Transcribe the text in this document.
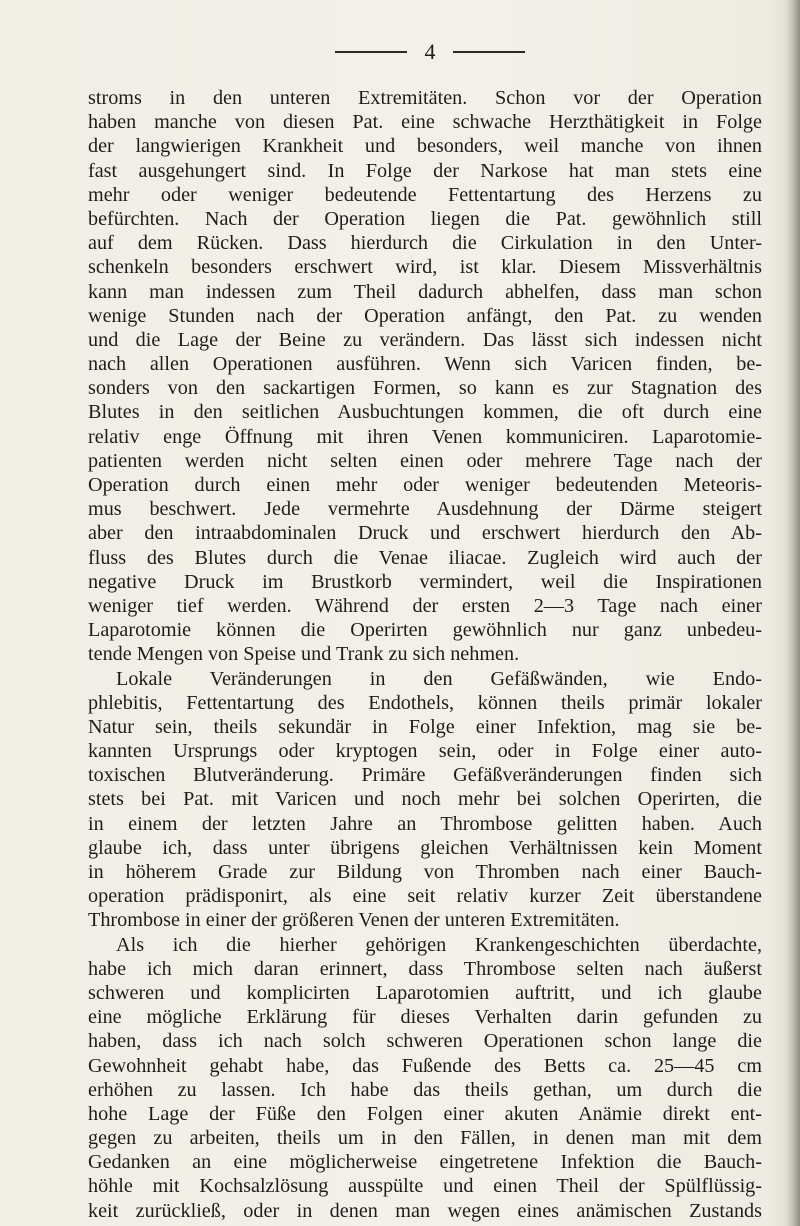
4
stroms in den unteren Extremitäten. Schon vor der Operation
haben manche von diesen Pat. eine schwache Herzthätigkeit in Folge
der langwierigen Krankheit und besonders, weil manche von ihnen
fast ausgehungert sind. In Folge der Narkose hat man stets eine
mehr oder weniger bedeutende Fettentartung des Herzens zu
befürchten. Nach der Operation liegen die Pat. gewöhnlich still
auf dem Rücken. Dass hierdurch die Cirkulation in den Unter-
schenkeln besonders erschwert wird, ist klar. Diesem Missverhältnis
kann man indessen zum Theil dadurch abhelfen, dass man schon
wenige Stunden nach der Operation anfängt, den Pat. zu wenden
und die Lage der Beine zu verändern. Das lässt sich indessen nicht
nach allen Operationen ausführen. Wenn sich Varicen finden, be-
sonders von den sackartigen Formen, so kann es zur Stagnation des
Blutes in den seitlichen Ausbuchtungen kommen, die oft durch eine
relativ enge Öffnung mit ihren Venen kommuniciren. Laparotomie-
patienten werden nicht selten einen oder mehrere Tage nach der
Operation durch einen mehr oder weniger bedeutenden Meteoris-
mus beschwert. Jede vermehrte Ausdehnung der Därme steigert
aber den intraabdominalen Druck und erschwert hierdurch den Ab-
fluss des Blutes durch die Venae iliacae. Zugleich wird auch der
negative Druck im Brustkorb vermindert, weil die Inspirationen
weniger tief werden. Während der ersten 2—3 Tage nach einer
Laparotomie können die Operirten gewöhnlich nur ganz unbedeu-
tende Mengen von Speise und Trank zu sich nehmen.
Lokale Veränderungen in den Gefäßwänden, wie Endo-
phlebitis, Fettentartung des Endothels, können theils primär lokaler
Natur sein, theils sekundär in Folge einer Infektion, mag sie be-
kannten Ursprungs oder kryptogen sein, oder in Folge einer auto-
toxischen Blutveränderung. Primäre Gefäßveränderungen finden sich
stets bei Pat. mit Varicen und noch mehr bei solchen Operirten, die
in einem der letzten Jahre an Thrombose gelitten haben. Auch
glaube ich, dass unter übrigens gleichen Verhältnissen kein Moment
in höherem Grade zur Bildung von Thromben nach einer Bauch-
operation prädisponirt, als eine seit relativ kurzer Zeit überstandene
Thrombose in einer der größeren Venen der unteren Extremitäten.
Als ich die hierher gehörigen Krankengeschichten überdachte,
habe ich mich daran erinnert, dass Thrombose selten nach äußerst
schweren und komplicirten Laparotomien auftritt, und ich glaube
eine mögliche Erklärung für dieses Verhalten darin gefunden zu
haben, dass ich nach solch schweren Operationen schon lange die
Gewohnheit gehabt habe, das Fußende des Betts ca. 25—45 cm
erhöhen zu lassen. Ich habe das theils gethan, um durch die
hohe Lage der Füße den Folgen einer akuten Anämie direkt ent-
gegen zu arbeiten, theils um in den Fällen, in denen man mit dem
Gedanken an eine möglicherweise eingetretene Infektion die Bauch-
höhle mit Kochsalzlösung ausspülte und einen Theil der Spülflüssig-
keit zurückließ, oder in denen man wegen eines anämischen Zustands
